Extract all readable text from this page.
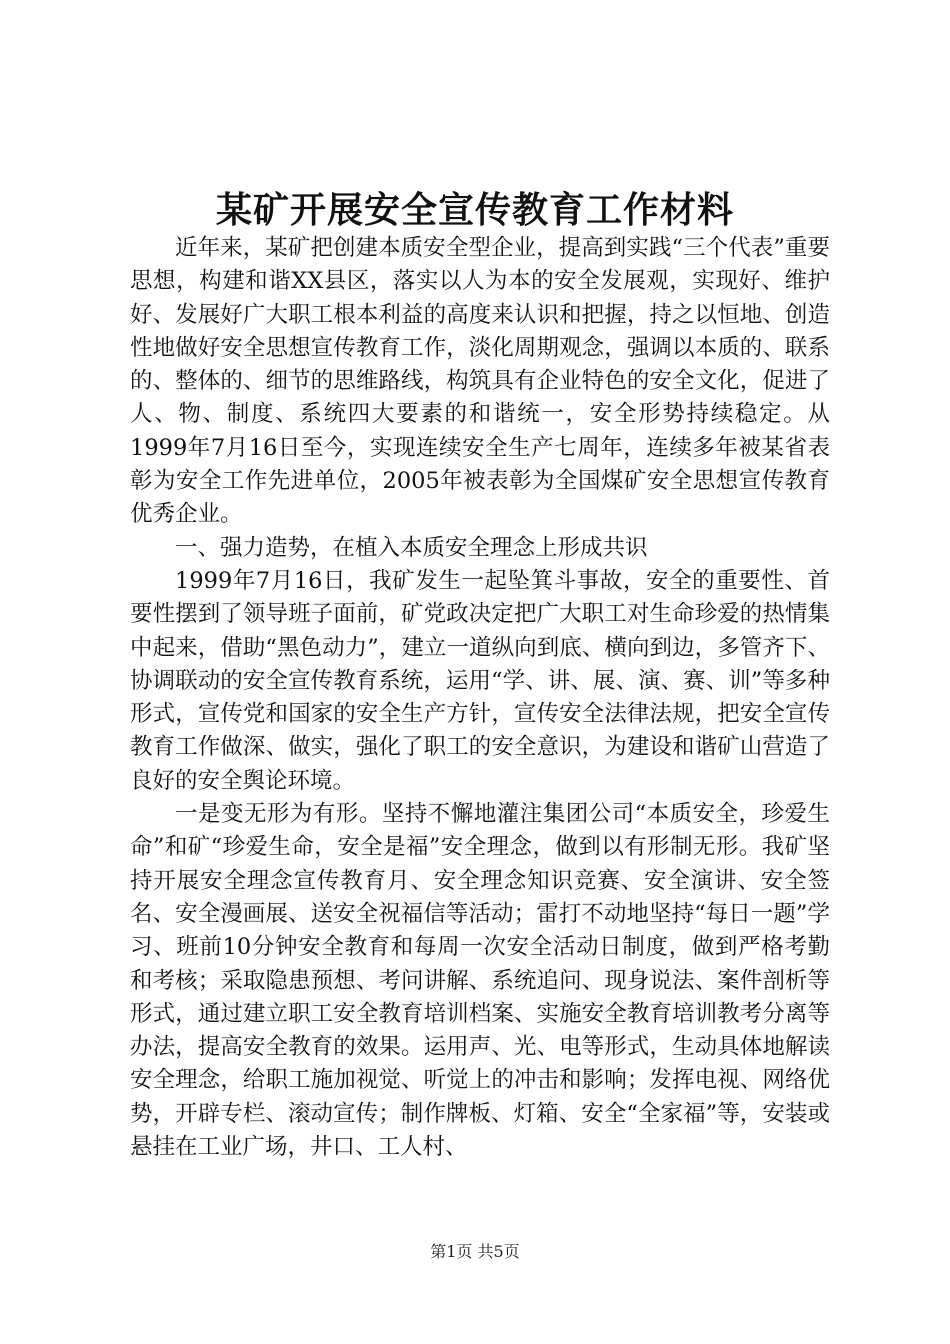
某矿开展安全宣传教育工作材料

近年来，某矿把创建本质安全型企业，提高到实践“三个代表”重要思想，构建和谐XX县区，落实以人为本的安全发展观，实现好、维护好、发展好广大职工根本利益的高度来认识和把握，持之以恒地、创造性地做好安全思想宣传教育工作，淡化周期观念，强调以本质的、联系的、整体的、细节的思维路线，构筑具有企业特色的安全文化，促进了人、物、制度、系统四大要素的和谐统一，安全形势持续稳定。从1999年7月16日至今，实现连续安全生产七周年，连续多年被某省表彰为安全工作先进单位，2005年被表彰为全国煤矿安全思想宣传教育优秀企业。

一、强力造势，在植入本质安全理念上形成共识

1999年7月16日，我矿发生一起坠箕斗事故，安全的重要性、首要性摆到了领导班子面前，矿党政决定把广大职工对生命珍爱的热情集中起来，借助“黑色动力”，建立一道纵向到底、横向到边，多管齐下、协调联动的安全宣传教育系统，运用“学、讲、展、演、赛、训”等多种形式，宣传党和国家的安全生产方针，宣传安全法律法规，把安全宣传教育工作做深、做实，强化了职工的安全意识，为建设和谐矿山营造了良好的安全舆论环境。

一是变无形为有形。坚持不懈地灌注集团公司“本质安全，珍爱生命”和矿“珍爱生命，安全是福”安全理念，做到以有形制无形。我矿坚持开展安全理念宣传教育月、安全理念知识竞赛、安全演讲、安全签名、安全漫画展、送安全祝福信等活动；雷打不动地坚持“每日一题”学习、班前10分钟安全教育和每周一次安全活动日制度，做到严格考勤和考核；采取隐患预想、考问讲解、系统追问、现身说法、案件剖析等形式，通过建立职工安全教育培训档案、实施安全教育培训教考分离等办法，提高安全教育的效果。运用声、光、电等形式，生动具体地解读安全理念，给职工施加视觉、听觉上的冲击和影响；发挥电视、网络优势，开辟专栏、滚动宣传；制作牌板、灯箱、安全“全家福”等，安装或悬挂在工业广场，井口、工人村、

第1页 共5页
